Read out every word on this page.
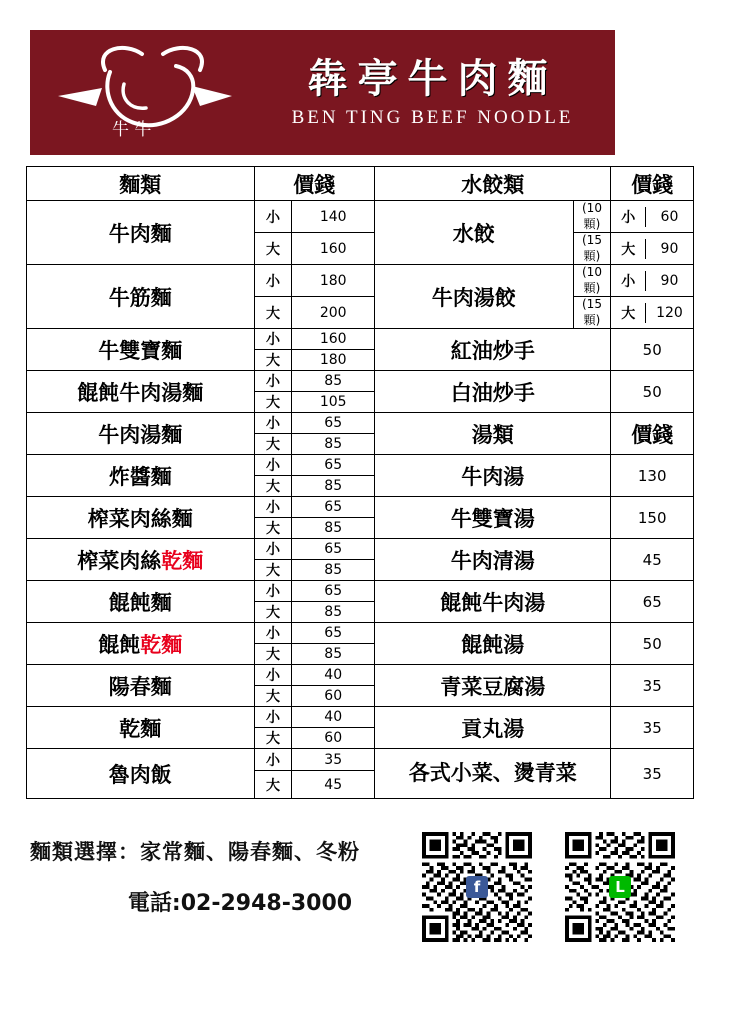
牛 牛
犇亭牛肉麵
BEN TING BEEF NOODLE
麵類	價錢	水餃類	價錢
牛肉麵	小	140	水餃	(10 顆)	小	60

大	160	(15 顆)	大	90

牛筋麵	小	180	牛肉湯餃	(10 顆)	小	90

大	200	(15 顆)	大	120

牛雙寶麵	小	160	紅油炒手	50
大	180
餛飩牛肉湯麵	小	85	白油炒手	50
大	105
牛肉湯麵	小	65	湯類	價錢
大	85
炸醬麵	小	65	牛肉湯	130
大	85
榨菜肉絲麵	小	65	牛雙寶湯	150
大	85
榨菜肉絲乾麵	小	65	牛肉清湯	45
大	85
餛飩麵	小	65	餛飩牛肉湯	65
大	85
餛飩乾麵	小	65	餛飩湯	50
大	85
陽春麵	小	40	青菜豆腐湯	35
大	60
乾麵	小	40	貢丸湯	35
大	60
魯肉飯	小	35	各式小菜、燙青菜	35
大	45
麵類選擇：家常麵、陽春麵、冬粉
電話:02-2948-3000
f	L
